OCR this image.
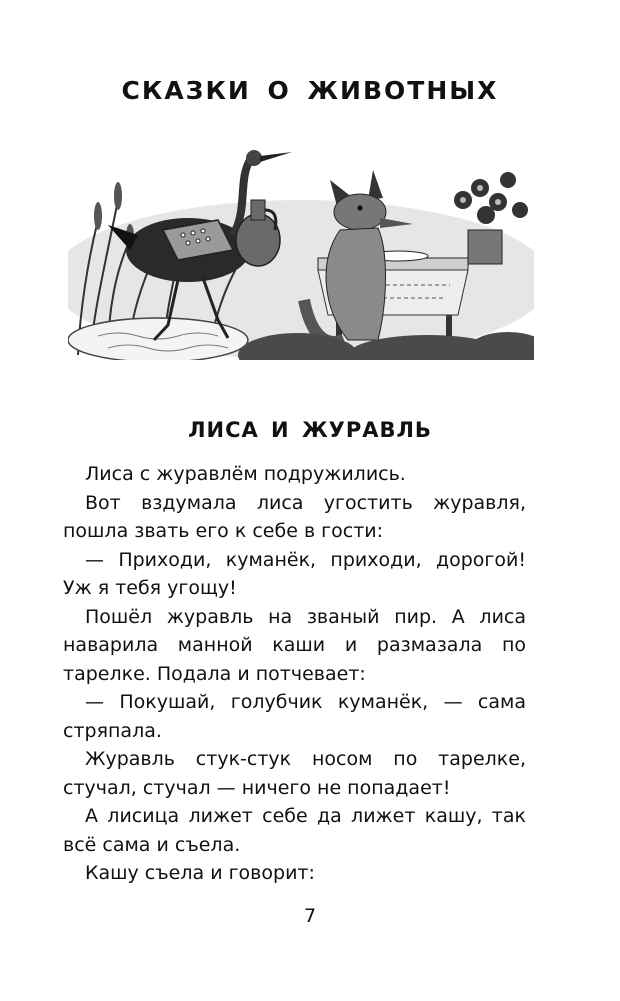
СКАЗКИ О ЖИВОТНЫХ
ЛИСА И ЖУРАВЛЬ

Лиса с журавлём подружились.

Вот вздумала лиса угостить журавля, пошла звать его к себе в гости:

— Приходи, куманёк, приходи, дорогой! Уж я тебя угощу!

Пошёл журавль на званый пир. А лиса наварила манной каши и размазала по тарелке. Подала и потчевает:

— Покушай, голубчик куманёк, — сама стряпала.

Журавль стук-стук носом по тарелке, стучал, стучал — ничего не попадает!

А лисица лижет себе да лижет кашу, так всё сама и съела.

Кашу съела и говорит:

7
